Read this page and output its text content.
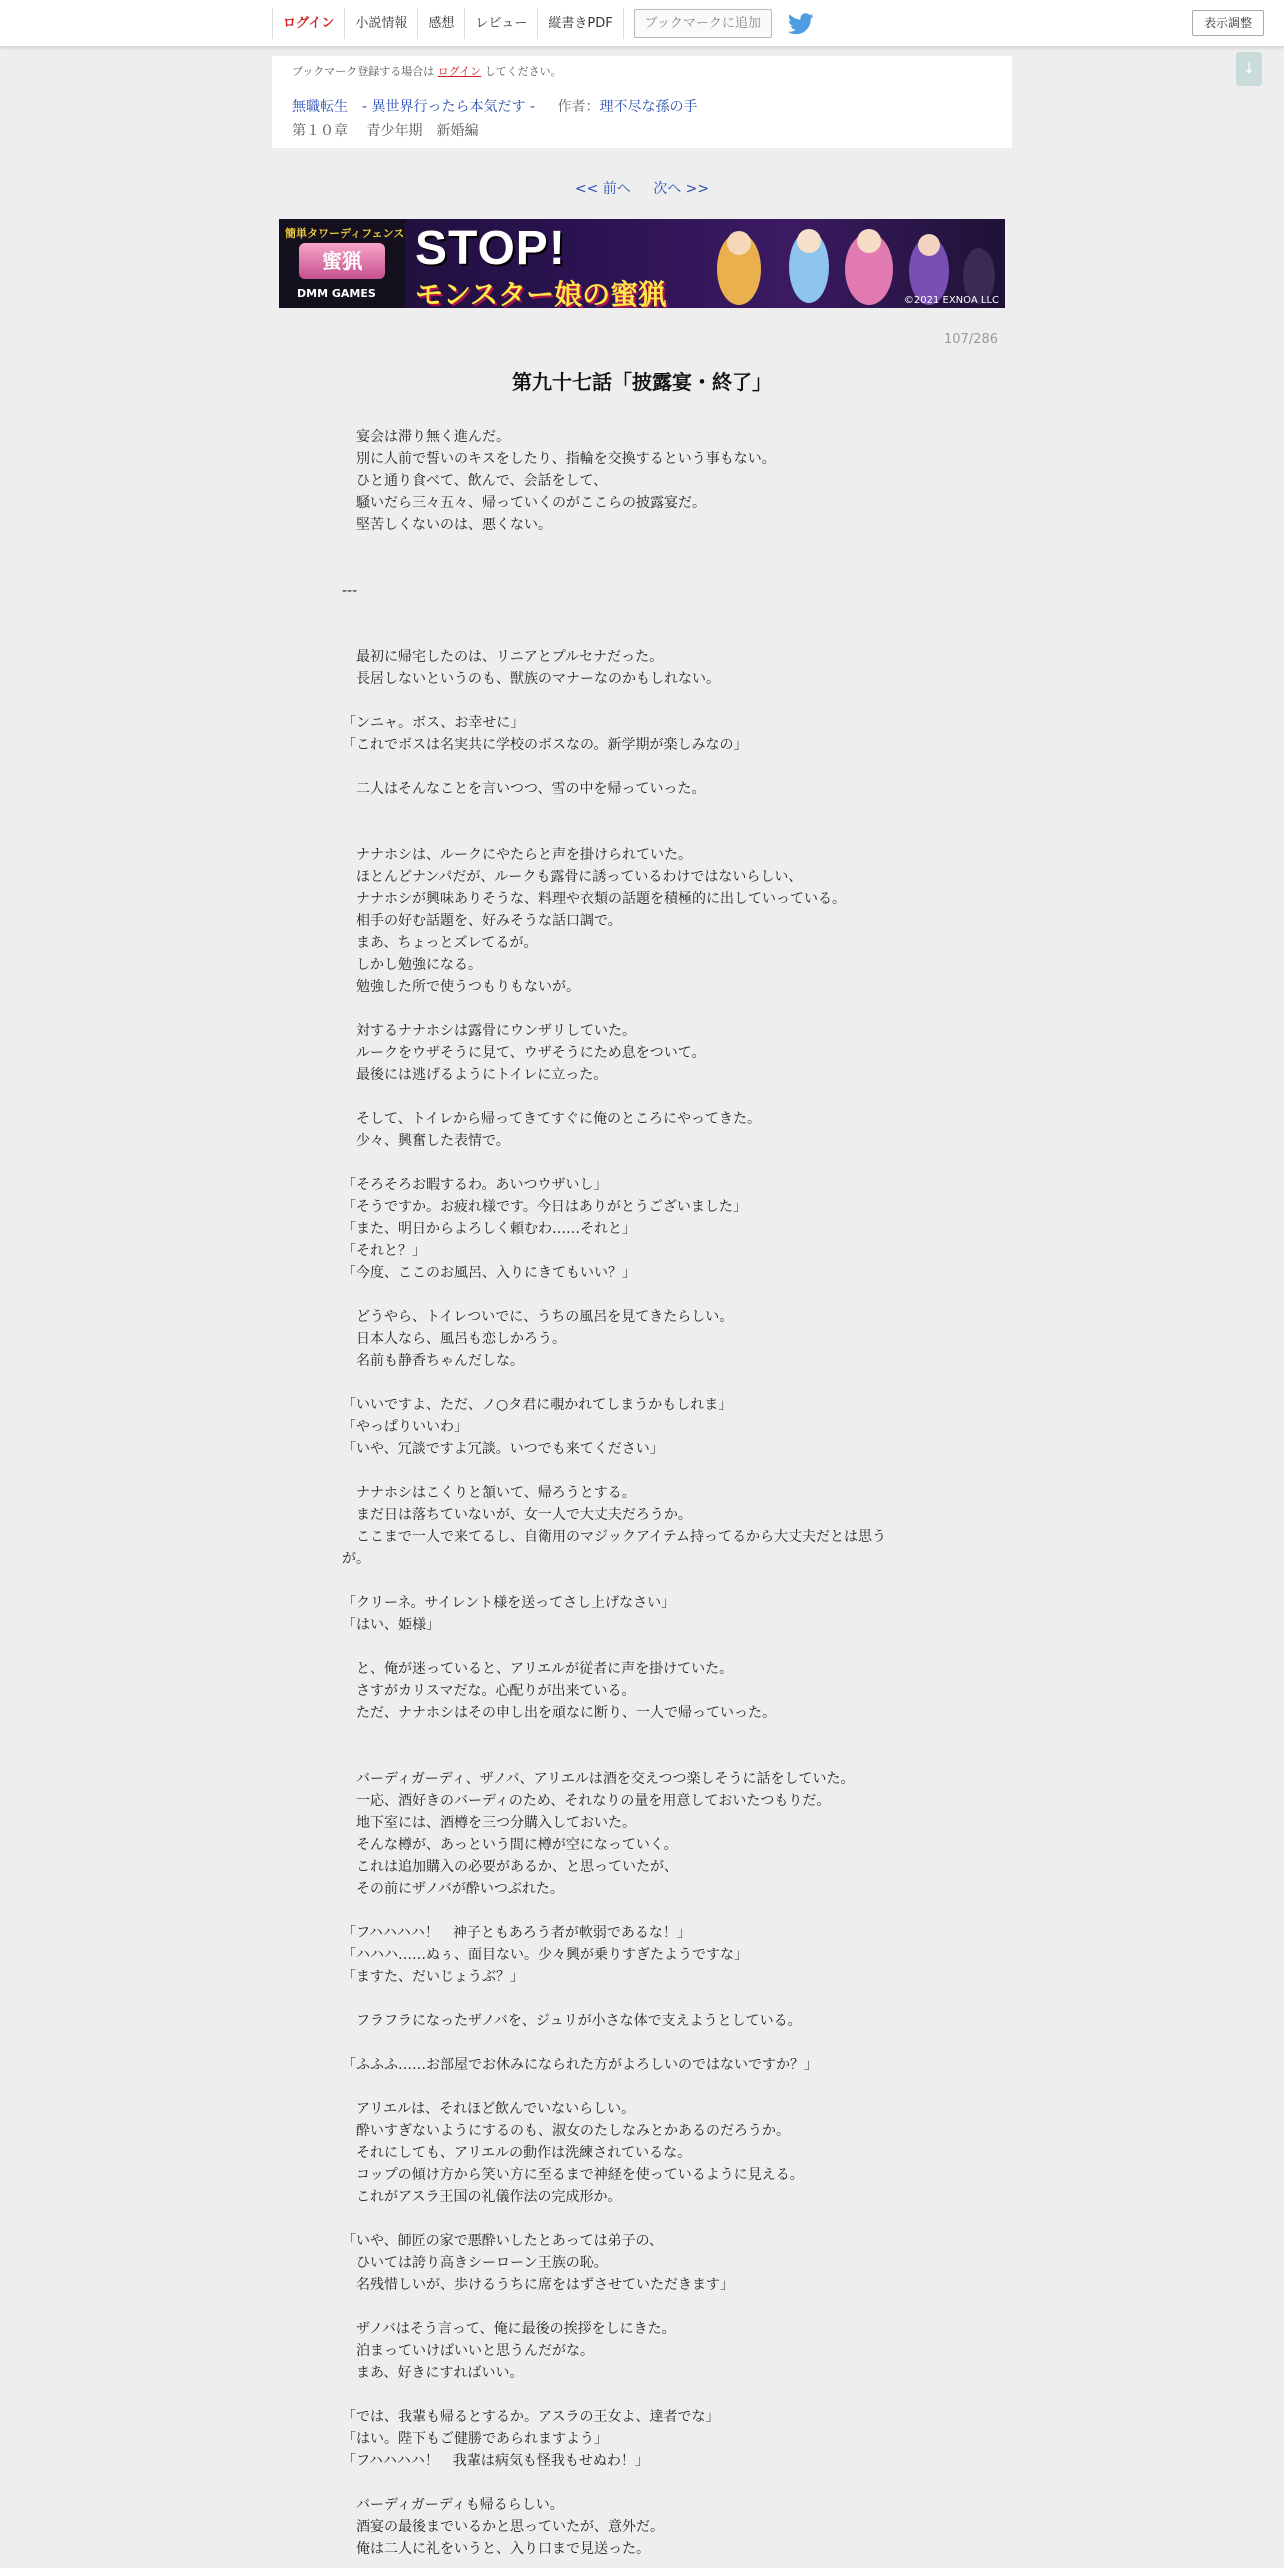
ログイン	小説情報	感想	レビュー	縦書きPDF	ブックマークに追加	表示調整
↓
ブックマーク登録する場合は ログイン してください。
無職転生　- 異世界行ったら本気だす - 作者：理不尽な孫の手
第１０章 青少年期　新婚編
<< 前へ 次へ >>
簡単タワーディフェンス
蜜猟
DMM GAMES
STOP!
モンスター娘の蜜猟	©2021 EXNOA LLC
107/286
第九十七話「披露宴・終了」
　宴会は滞り無く進んだ。
　別に人前で誓いのキスをしたり、指輪を交換するという事もない。
　ひと通り食べて、飲んで、会話をして、
　騒いだら三々五々、帰っていくのがここらの披露宴だ。
　堅苦しくないのは、悪くない。
---
　最初に帰宅したのは、リニアとプルセナだった。
　長居しないというのも、獣族のマナーなのかもしれない。
「ンニャ。ボス、お幸せに」
「これでボスは名実共に学校のボスなの。新学期が楽しみなの」
　二人はそんなことを言いつつ、雪の中を帰っていった。
　ナナホシは、ルークにやたらと声を掛けられていた。
　ほとんどナンパだが、ルークも露骨に誘っているわけではないらしい、
　ナナホシが興味ありそうな、料理や衣類の話題を積極的に出していっている。
　相手の好む話題を、好みそうな話口調で。
　まあ、ちょっとズレてるが。
　しかし勉強になる。
　勉強した所で使うつもりもないが。
　対するナナホシは露骨にウンザリしていた。
　ルークをウザそうに見て、ウザそうにため息をついて。
　最後には逃げるようにトイレに立った。
　そして、トイレから帰ってきてすぐに俺のところにやってきた。
　少々、興奮した表情で。
「そろそろお暇するわ。あいつウザいし」
「そうですか。お疲れ様です。今日はありがとうございました」
「また、明日からよろしく頼むわ……それと」
「それと？」
「今度、ここのお風呂、入りにきてもいい？」
　どうやら、トイレついでに、うちの風呂を見てきたらしい。
　日本人なら、風呂も恋しかろう。
　名前も静香ちゃんだしな。
「いいですよ、ただ、ノ○タ君に覗かれてしまうかもしれま」
「やっぱりいいわ」
「いや、冗談ですよ冗談。いつでも来てください」
　ナナホシはこくりと頷いて、帰ろうとする。
　まだ日は落ちていないが、女一人で大丈夫だろうか。
　ここまで一人で来てるし、自衛用のマジックアイテム持ってるから大丈夫だとは思う
が。
「クリーネ。サイレント様を送ってさし上げなさい」
「はい、姫様」
　と、俺が迷っていると、アリエルが従者に声を掛けていた。
　さすがカリスマだな。心配りが出来ている。
　ただ、ナナホシはその申し出を頑なに断り、一人で帰っていった。
　バーディガーディ、ザノバ、アリエルは酒を交えつつ楽しそうに話をしていた。
　一応、酒好きのバーディのため、それなりの量を用意しておいたつもりだ。
　地下室には、酒樽を三つ分購入しておいた。
　そんな樽が、あっという間に樽が空になっていく。
　これは追加購入の必要があるか、と思っていたが、
　その前にザノバが酔いつぶれた。
「フハハハハ！　神子ともあろう者が軟弱であるな！」
「ハハハ……ぬぅ、面目ない。少々興が乗りすぎたようですな」
「ますた、だいじょうぶ？」
　フラフラになったザノバを、ジュリが小さな体で支えようとしている。
「ふふふ……お部屋でお休みになられた方がよろしいのではないですか？」
　アリエルは、それほど飲んでいないらしい。
　酔いすぎないようにするのも、淑女のたしなみとかあるのだろうか。
　それにしても、アリエルの動作は洗練されているな。
　コップの傾け方から笑い方に至るまで神経を使っているように見える。
　これがアスラ王国の礼儀作法の完成形か。
「いや、師匠の家で悪酔いしたとあっては弟子の、
　ひいては誇り高きシーローン王族の恥。
　名残惜しいが、歩けるうちに席をはずさせていただきます」
　ザノバはそう言って、俺に最後の挨拶をしにきた。
　泊まっていけばいいと思うんだがな。
　まあ、好きにすればいい。
「では、我輩も帰るとするか。アスラの王女よ、達者でな」
「はい。陛下もご健勝であられますよう」
「フハハハハ！　我輩は病気も怪我もせぬわ！」
　バーディガーディも帰るらしい。
　酒宴の最後までいるかと思っていたが、意外だ。
　俺は二人に礼をいうと、入り口まで見送った。
